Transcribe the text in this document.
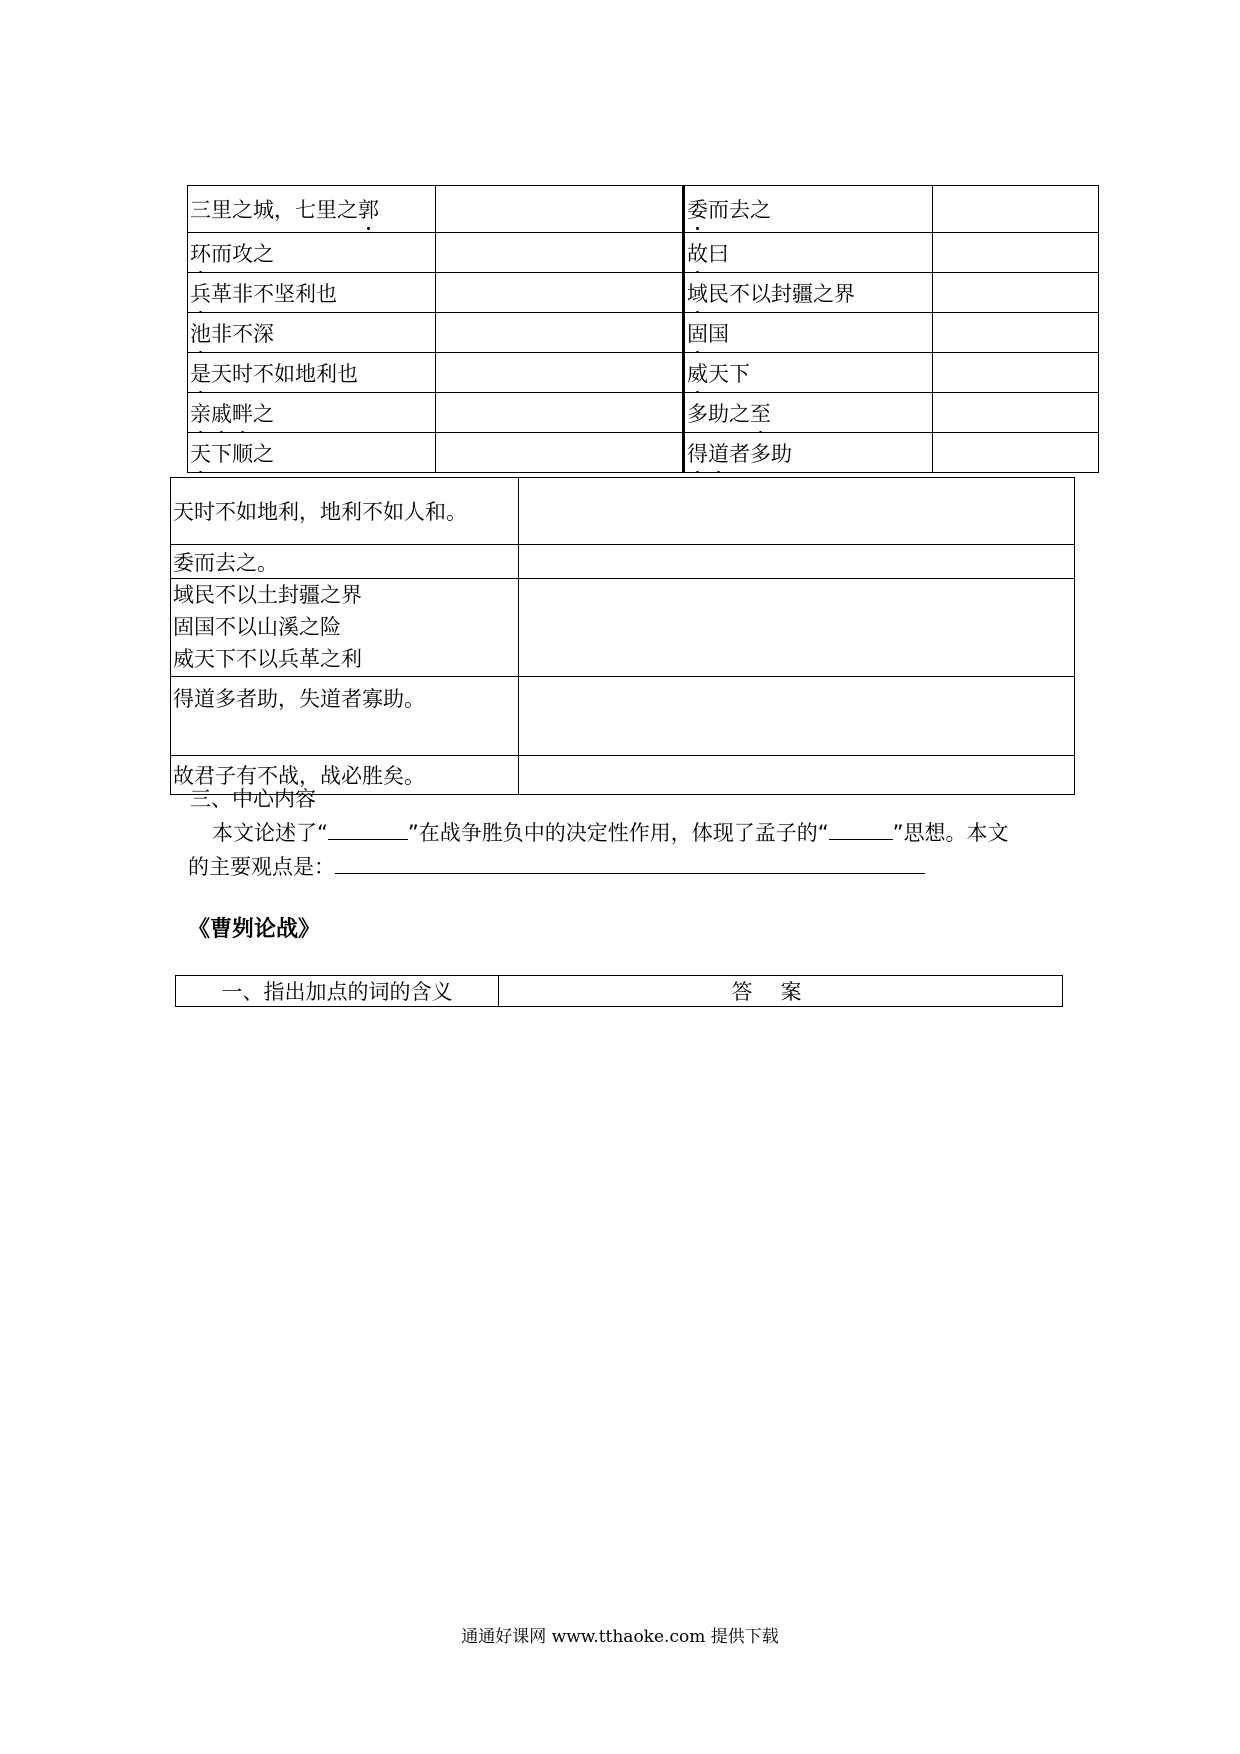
三里之城，七里之郭		委而去之	
环而攻之		故曰	
兵革非不坚利也		域民不以封疆之界	
池非不深		固国	
是天时不如地利也		威天下	
亲戚畔之		多助之至	
天下顺之		得道者多助	
天时不如地利，地利不如人和。	

委而去之。	

域民不以土封疆之界
固国不以山溪之险
威天下不以兵革之利	

得道多者助，失道者寡助。	

故君子有不战，战必胜矣。	

三、中心内容
本文论述了“	”在战争胜负中的决定性作用，体现了孟子的“	”思想。本文
的主要观点是：
《曹刿论战》
一、指出加点的词的含义	答案
通通好课网 www.tthaoke.com 提供下载
